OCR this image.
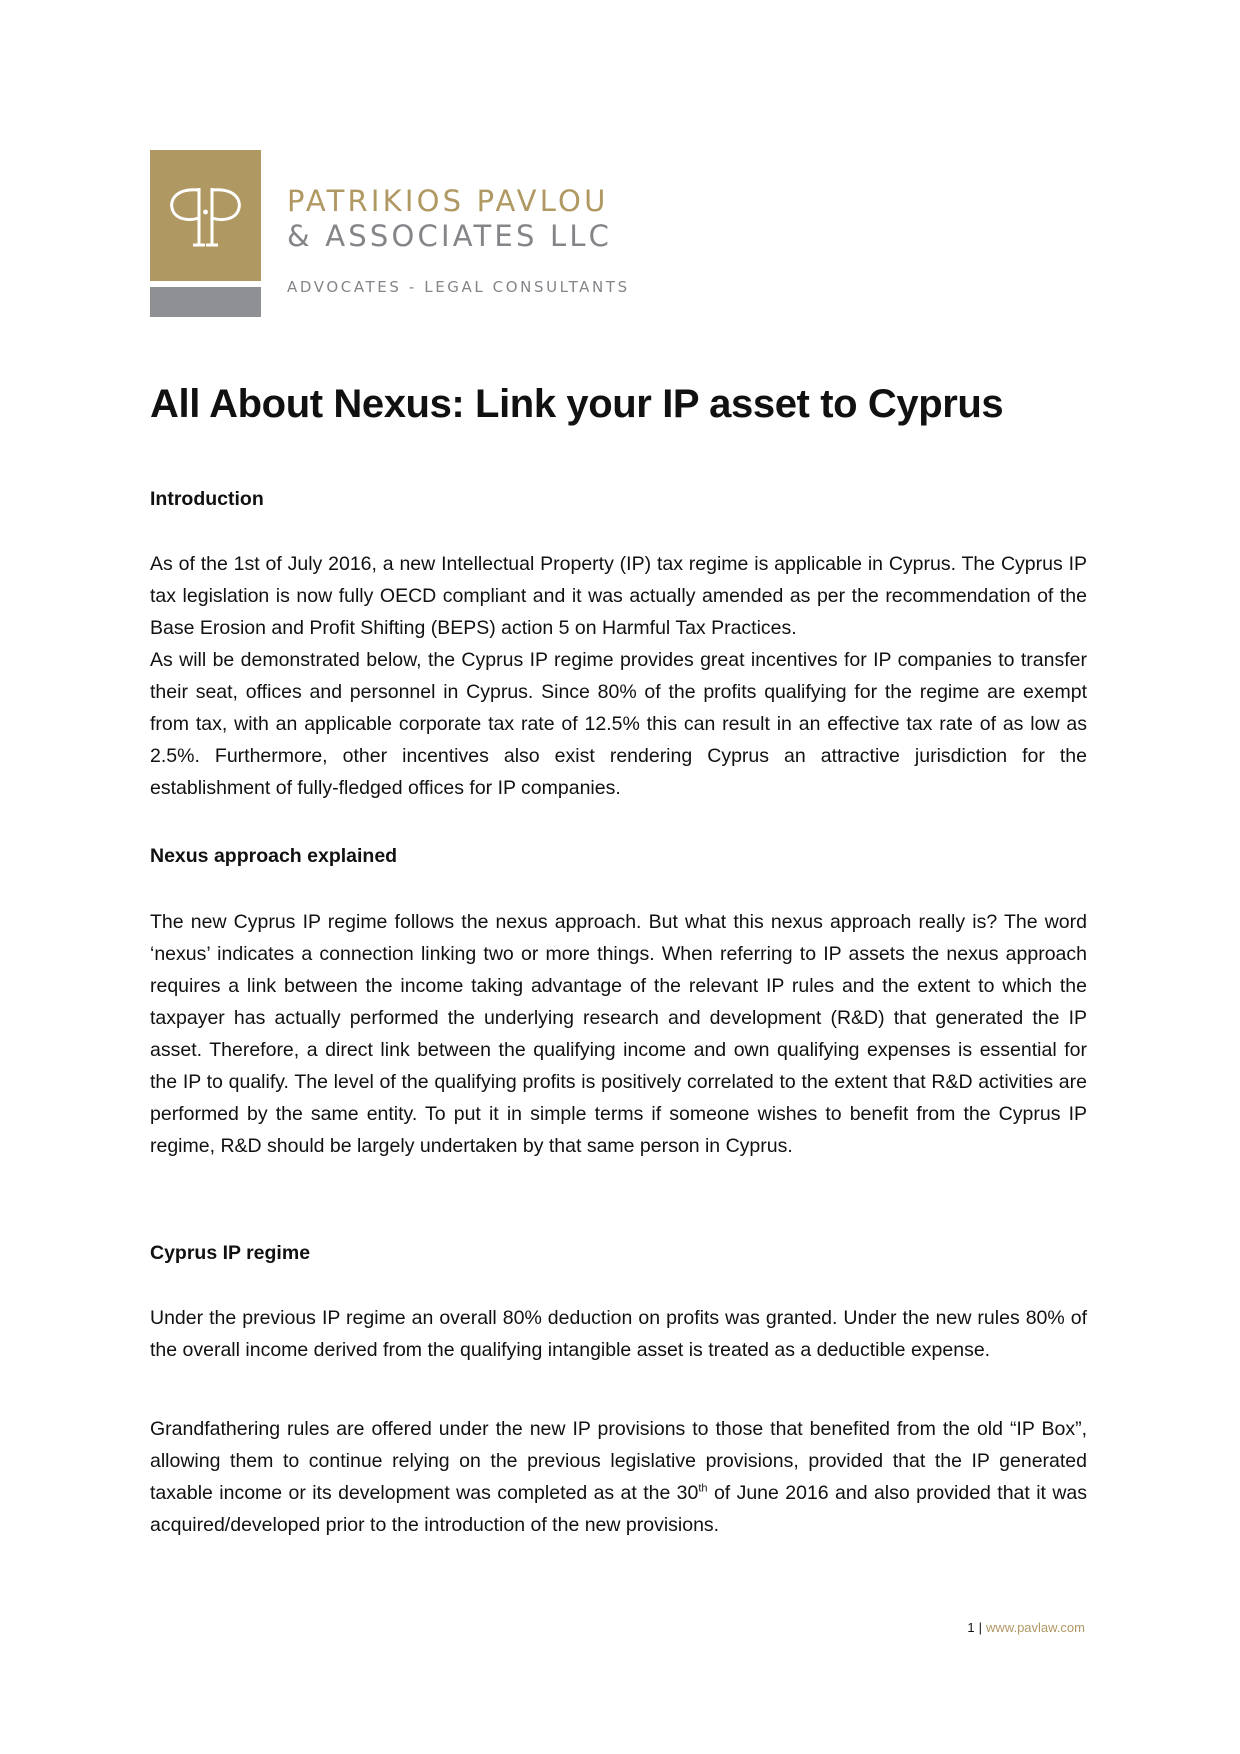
PATRIKIOS PAVLOU
& ASSOCIATES LLC
ADVOCATES - LEGAL CONSULTANTS
All About Nexus: Link your IP asset to Cyprus
Introduction

As of the 1st of July 2016, a new Intellectual Property (IP) tax regime is applicable in Cyprus. The Cyprus IP tax legislation is now fully OECD compliant and it was actually amended as per the recommendation of the Base Erosion and Profit Shifting (BEPS) action 5 on Harmful Tax Practices.

As will be demonstrated below, the Cyprus IP regime provides great incentives for IP companies to transfer their seat, offices and personnel in Cyprus. Since 80% of the profits qualifying for the regime are exempt from tax, with an applicable corporate tax rate of 12.5% this can result in an effective tax rate of as low as 2.5%. Furthermore, other incentives also exist rendering Cyprus an attractive jurisdiction for the establishment of fully-fledged offices for IP companies.

Nexus approach explained

The new Cyprus IP regime follows the nexus approach. But what this nexus approach really is? The word ‘nexus’ indicates a connection linking two or more things. When referring to IP assets the nexus approach requires a link between the income taking advantage of the relevant IP rules and the extent to which the taxpayer has actually performed the underlying research and development (R&D) that generated the IP asset. Therefore, a direct link between the qualifying income and own qualifying expenses is essential for the IP to qualify. The level of the qualifying profits is positively correlated to the extent that R&D activities are performed by the same entity. To put it in simple terms if someone wishes to benefit from the Cyprus IP regime, R&D should be largely undertaken by that same person in Cyprus.

Cyprus IP regime

Under the previous IP regime an overall 80% deduction on profits was granted. Under the new rules 80% of the overall income derived from the qualifying intangible asset is treated as a deductible expense.

Grandfathering rules are offered under the new IP provisions to those that benefited from the old “IP Box”, allowing them to continue relying on the previous legislative provisions, provided that the IP generated taxable income or its development was completed as at the 30th of June 2016 and also provided that it was acquired/developed prior to the introduction of the new provisions.

1 | www.pavlaw.com
